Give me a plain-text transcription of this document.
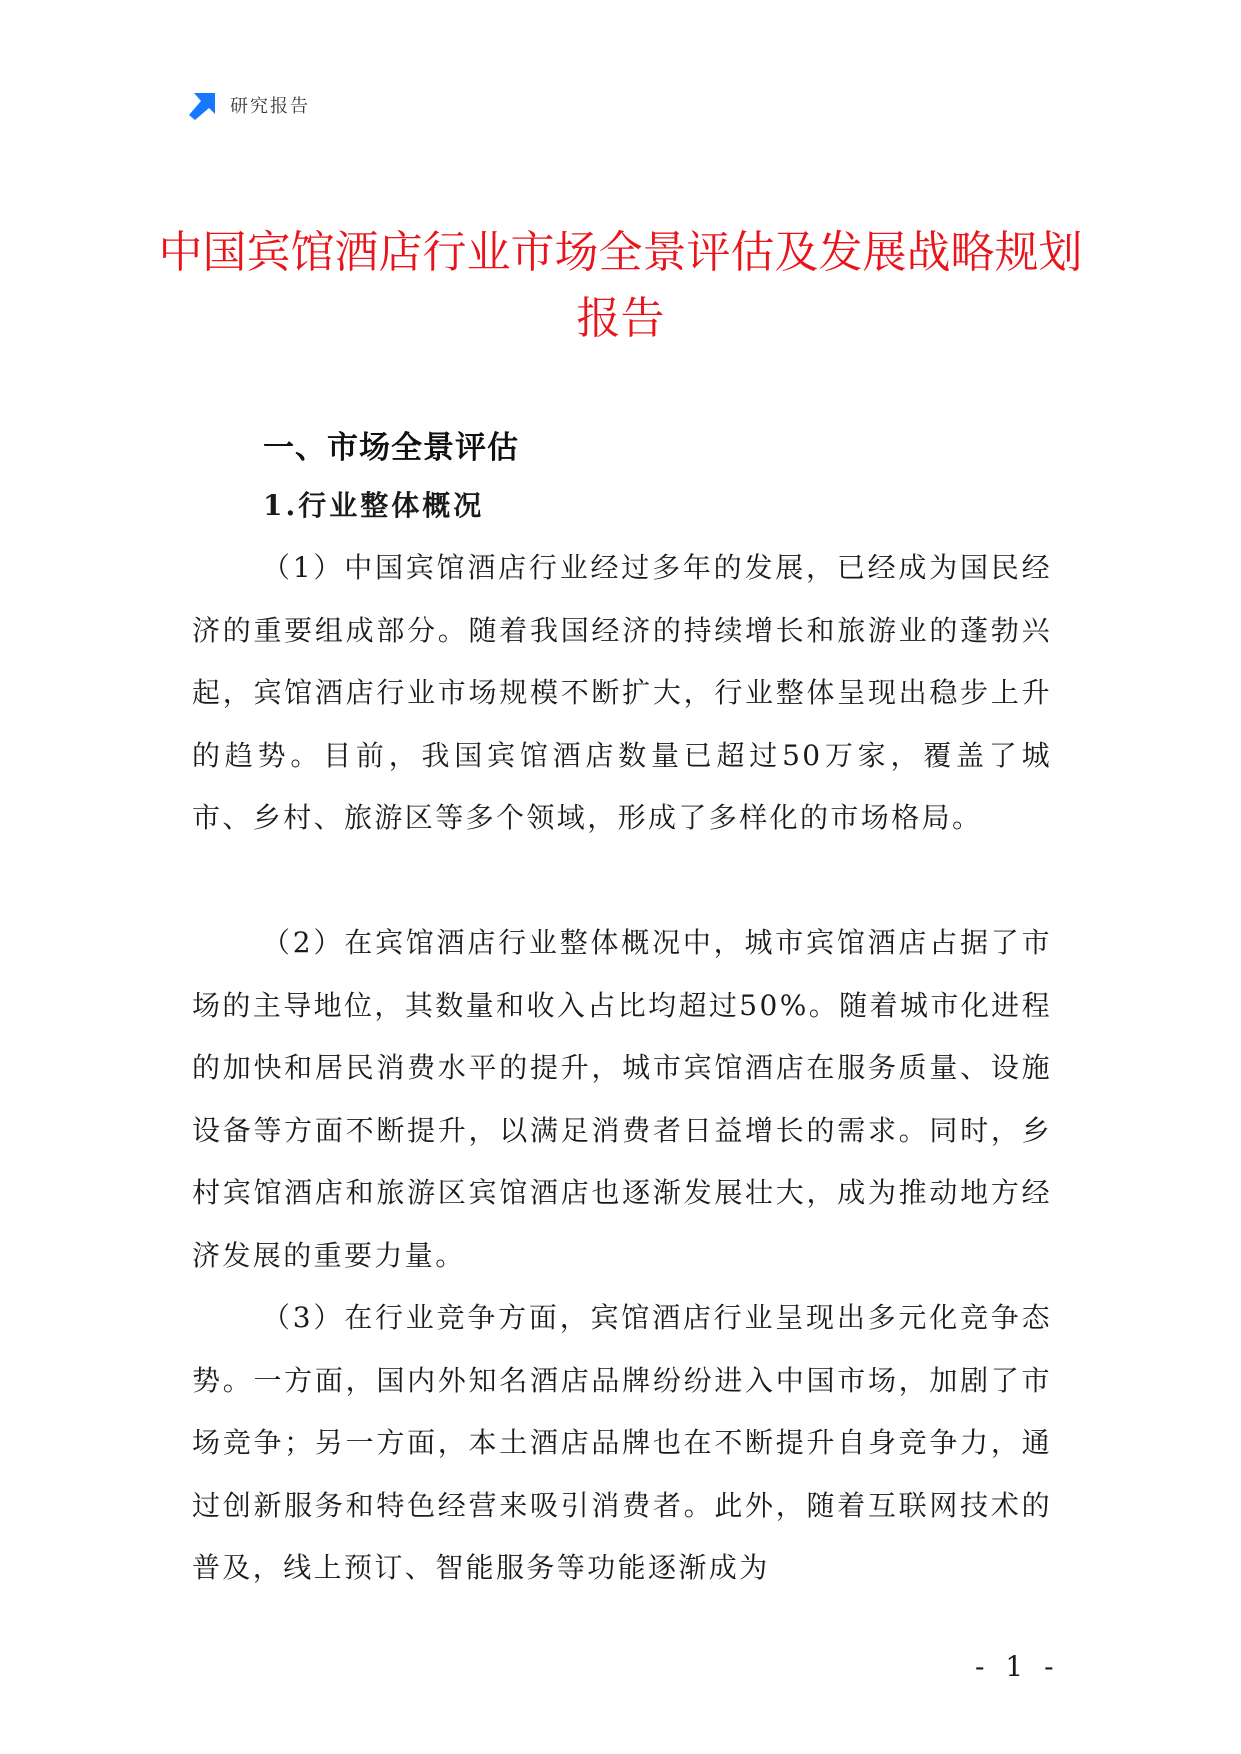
研究报告
中国宾馆酒店行业市场全景评估及发展战略规划报告
一、市场全景评估
1.行业整体概况

（1）中国宾馆酒店行业经过多年的发展，已经成为国民经济的重要组成部分。随着我国经济的持续增长和旅游业的蓬勃兴起，宾馆酒店行业市场规模不断扩大，行业整体呈现出稳步上升的趋势。目前，我国宾馆酒店数量已超过50万家，覆盖了城市、乡村、旅游区等多个领域，形成了多样化的市场格局。

（2）在宾馆酒店行业整体概况中，城市宾馆酒店占据了市场的主导地位，其数量和收入占比均超过50%。随着城市化进程的加快和居民消费水平的提升，城市宾馆酒店在服务质量、设施设备等方面不断提升，以满足消费者日益增长的需求。同时，乡村宾馆酒店和旅游区宾馆酒店也逐渐发展壮大，成为推动地方经济发展的重要力量。

（3）在行业竞争方面，宾馆酒店行业呈现出多元化竞争态势。一方面，国内外知名酒店品牌纷纷进入中国市场，加剧了市场竞争；另一方面，本土酒店品牌也在不断提升自身竞争力，通过创新服务和特色经营来吸引消费者。此外，随着互联网技术的普及，线上预订、智能服务等功能逐渐成为

- 1 -
